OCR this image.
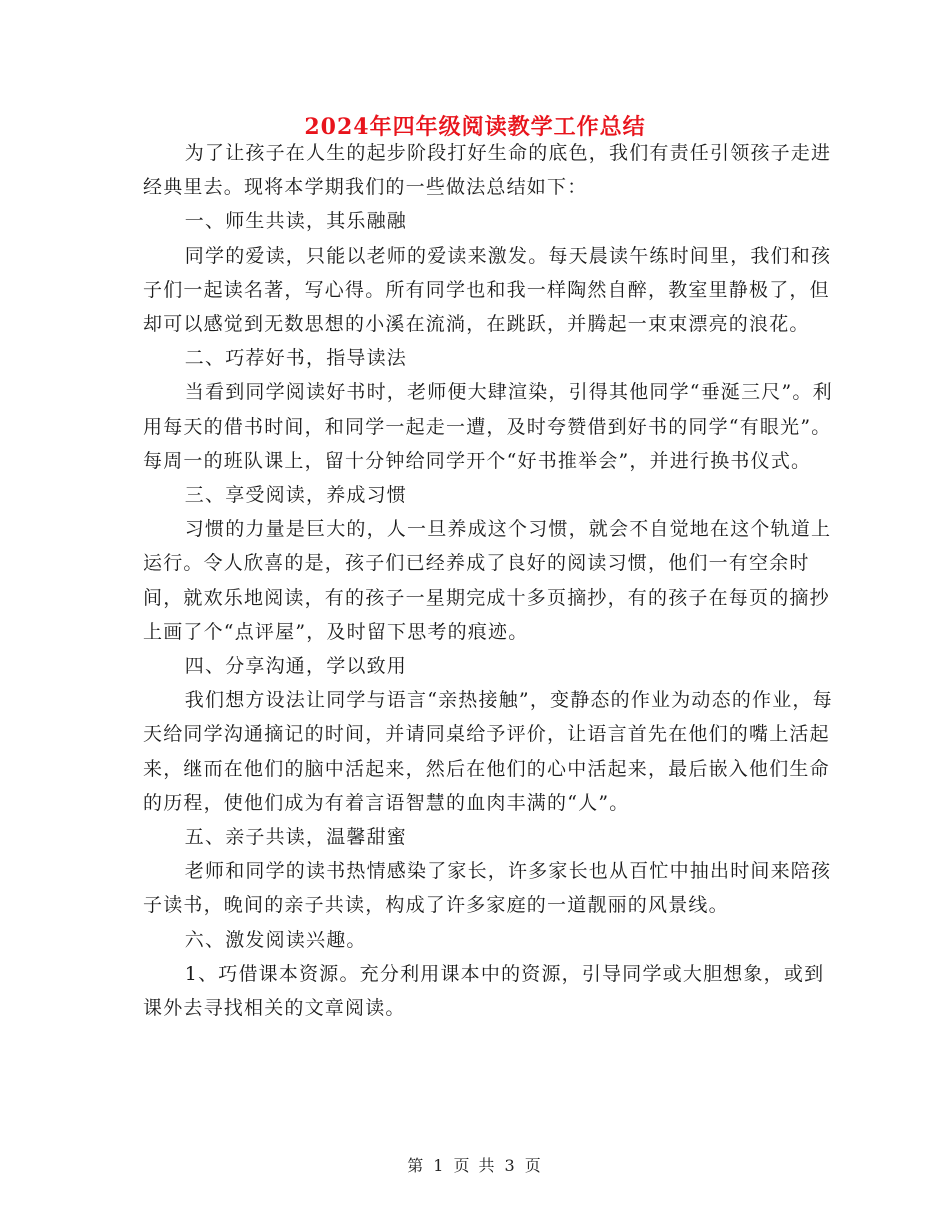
2024年四年级阅读教学工作总结

为了让孩子在人生的起步阶段打好生命的底色，我们有责任引领孩子走进经典里去。现将本学期我们的一些做法总结如下：

一、师生共读，其乐融融

同学的爱读，只能以老师的爱读来激发。每天晨读午练时间里，我们和孩子们一起读名著，写心得。所有同学也和我一样陶然自醉，教室里静极了，但却可以感觉到无数思想的小溪在流淌，在跳跃，并腾起一束束漂亮的浪花。

二、巧荐好书，指导读法

当看到同学阅读好书时，老师便大肆渲染，引得其他同学“垂涎三尺”。利用每天的借书时间，和同学一起走一遭，及时夸赞借到好书的同学“有眼光”。每周一的班队课上，留十分钟给同学开个“好书推举会”，并进行换书仪式。

三、享受阅读，养成习惯

习惯的力量是巨大的，人一旦养成这个习惯，就会不自觉地在这个轨道上运行。令人欣喜的是，孩子们已经养成了良好的阅读习惯，他们一有空余时间，就欢乐地阅读，有的孩子一星期完成十多页摘抄，有的孩子在每页的摘抄上画了个“点评屋”，及时留下思考的痕迹。

四、分享沟通，学以致用

我们想方设法让同学与语言“亲热接触”，变静态的作业为动态的作业，每天给同学沟通摘记的时间，并请同桌给予评价，让语言首先在他们的嘴上活起来，继而在他们的脑中活起来，然后在他们的心中活起来，最后嵌入他们生命的历程，使他们成为有着言语智慧的血肉丰满的“人”。

五、亲子共读，温馨甜蜜

老师和同学的读书热情感染了家长，许多家长也从百忙中抽出时间来陪孩子读书，晚间的亲子共读，构成了许多家庭的一道靓丽的风景线。

六、激发阅读兴趣。

1、巧借课本资源。充分利用课本中的资源，引导同学或大胆想象，或到课外去寻找相关的文章阅读。

第 1 页 共 3 页
